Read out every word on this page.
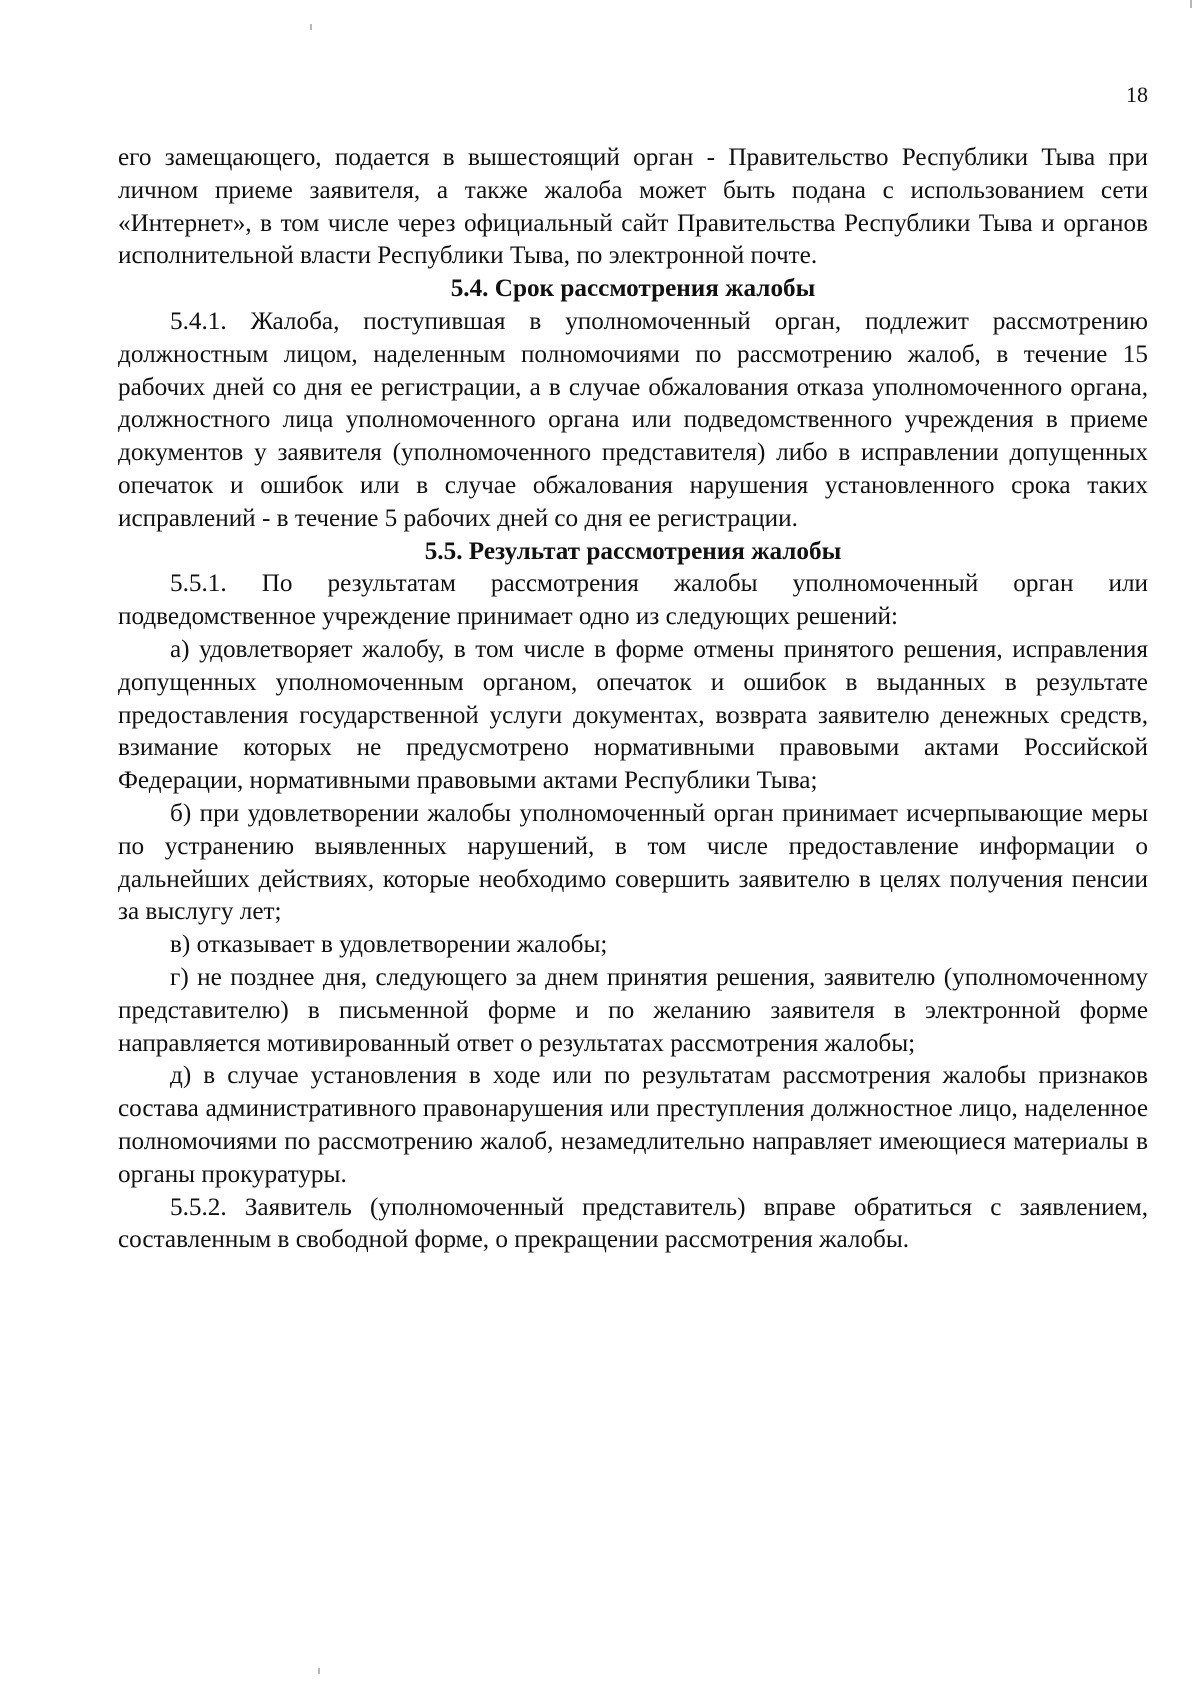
18

его замещающего, подается в вышестоящий орган - Правительство Республики Тыва при личном приеме заявителя, а также жалоба может быть подана с использованием сети «Интернет», в том числе через официальный сайт Правительства Республики Тыва и органов исполнительной власти Республики Тыва, по электронной почте.

5.4. Срок рассмотрения жалобы

5.4.1. Жалоба, поступившая в уполномоченный орган, подлежит рассмотрению должностным лицом, наделенным полномочиями по рассмотрению жалоб, в течение 15 рабочих дней со дня ее регистрации, а в случае обжалования отказа уполномоченного органа, должностного лица уполномоченного органа или подведомственного учреждения в приеме документов у заявителя (уполномоченного представителя) либо в исправлении допущенных опечаток и ошибок или в случае обжалования нарушения установленного срока таких исправлений - в течение 5 рабочих дней со дня ее регистрации.

5.5. Результат рассмотрения жалобы

5.5.1. По результатам рассмотрения жалобы уполномоченный орган или подведомственное учреждение принимает одно из следующих решений:

а) удовлетворяет жалобу, в том числе в форме отмены принятого решения, исправления допущенных уполномоченным органом, опечаток и ошибок в выданных в результате предоставления государственной услуги документах, возврата заявителю денежных средств, взимание которых не предусмотрено нормативными правовыми актами Российской Федерации, нормативными правовыми актами Республики Тыва;

б) при удовлетворении жалобы уполномоченный орган принимает исчерпывающие меры по устранению выявленных нарушений, в том числе предоставление информации о дальнейших действиях, которые необходимо совершить заявителю в целях получения пенсии за выслугу лет;

в) отказывает в удовлетворении жалобы;

г) не позднее дня, следующего за днем принятия решения, заявителю (уполномоченному представителю) в письменной форме и по желанию заявителя в электронной форме направляется мотивированный ответ о результатах рассмотрения жалобы;

д) в случае установления в ходе или по результатам рассмотрения жалобы признаков состава административного правонарушения или преступления должностное лицо, наделенное полномочиями по рассмотрению жалоб, незамедлительно направляет имеющиеся материалы в органы прокуратуры.

5.5.2. Заявитель (уполномоченный представитель) вправе обратиться с заявлением, составленным в свободной форме, о прекращении рассмотрения жалобы.
